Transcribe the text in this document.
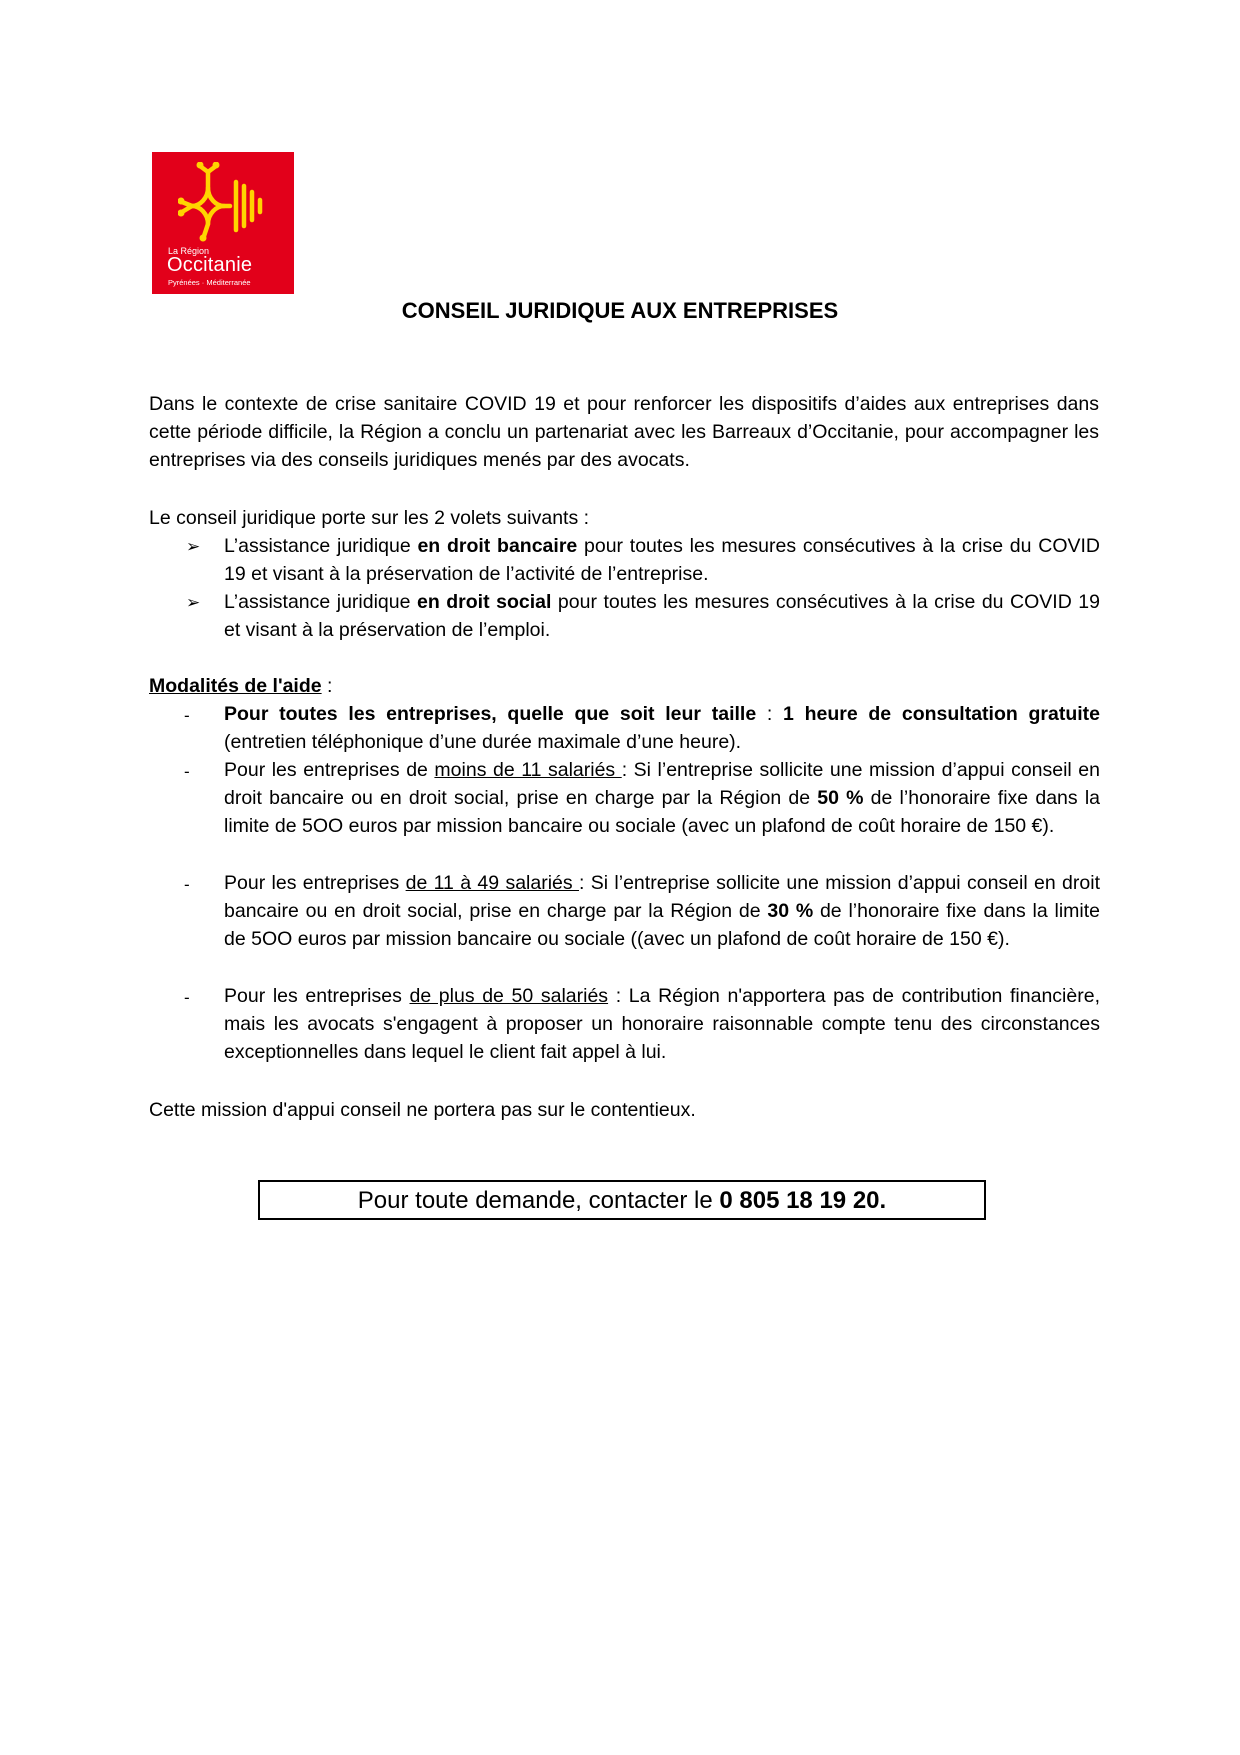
La Région
Occitanie
Pyrénées · Méditerranée
CONSEIL JURIDIQUE AUX ENTREPRISES
Dans le contexte de crise sanitaire COVID 19 et pour renforcer les dispositifs d’aides aux entreprises dans cette période difficile, la Région a conclu un partenariat avec les Barreaux d’Occitanie, pour accompagner les entreprises via des conseils juridiques menés par des avocats.
Le conseil juridique porte sur les 2 volets suivants :
➢ L’assistance juridique en droit bancaire pour toutes les mesures consécutives à la crise du COVID 19 et visant à la préservation de l’activité de l’entreprise.
➢ L’assistance juridique en droit social pour toutes les mesures consécutives à la crise du COVID 19 et visant à la préservation de l’emploi.
Modalités de l'aide :
- Pour toutes les entreprises, quelle que soit leur taille : 1 heure de consultation gratuite (entretien téléphonique d’une durée maximale d’une heure).
- Pour les entreprises de moins de 11 salariés : Si l’entreprise sollicite une mission d’appui conseil en droit bancaire ou en droit social, prise en charge par la Région de 50 % de l’honoraire fixe dans la limite de 5OO euros par mission bancaire ou sociale (avec un plafond de coût horaire de 150 €).
- Pour les entreprises de 11 à 49 salariés : Si l’entreprise sollicite une mission d’appui conseil en droit bancaire ou en droit social, prise en charge par la Région de 30 % de l’honoraire fixe dans la limite de 5OO euros par mission bancaire ou sociale ((avec un plafond de coût horaire de 150 €).
- Pour les entreprises de plus de 50 salariés : La Région n'apportera pas de contribution financière, mais les avocats s'engagent à proposer un honoraire raisonnable compte tenu des circonstances exceptionnelles dans lequel le client fait appel à lui.
Cette mission d'appui conseil ne portera pas sur le contentieux.
Pour toute demande, contacter le 0 805 18 19 20.
